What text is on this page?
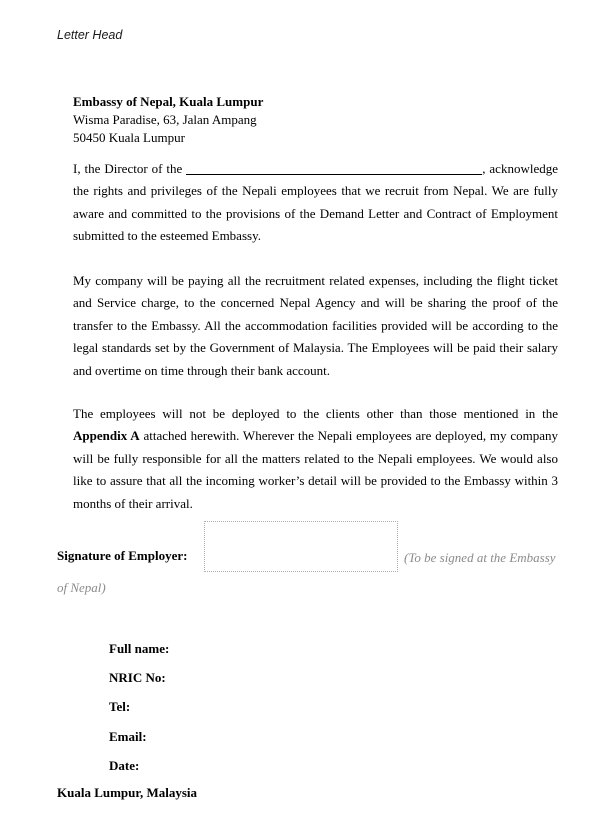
Letter Head
Embassy of Nepal, Kuala Lumpur
Wisma Paradise, 63, Jalan Ampang
50450 Kuala Lumpur

I, the Director of the	, acknowledge the rights and privileges of the Nepali employees that we recruit from Nepal. We are fully aware and committed to the provisions of the Demand Letter and Contract of Employment submitted to the esteemed Embassy.

My company will be paying all the recruitment related expenses, including the flight ticket and Service charge, to the concerned Nepal Agency and will be sharing the proof of the transfer to the Embassy. All the accommodation facilities provided will be according to the legal standards set by the Government of Malaysia. The Employees will be paid their salary and overtime on time through their bank account.

The employees will not be deployed to the clients other than those mentioned in the Appendix A attached herewith. Wherever the Nepali employees are deployed, my company will be fully responsible for all the matters related to the Nepali employees. We would also like to assure that all the incoming worker’s detail will be provided to the Embassy within 3 months of their arrival.

Signature of Employer:	(To be signed at the Embassy
of Nepal)
Full name:
NRIC No:
Tel:
Email:
Date:
Kuala Lumpur, Malaysia
